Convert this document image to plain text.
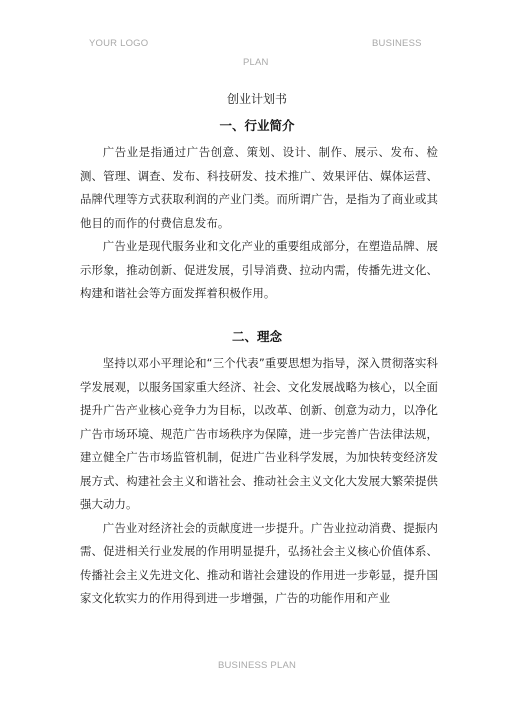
YOUR LOGO	BUSINESS
PLAN
创业计划书
一、行业简介

广告业是指通过广告创意、策划、设计、制作、展示、发布、检测、管理、调查、发布、科技研发、技术推广、效果评估、媒体运营、品牌代理等方式获取利润的产业门类。而所谓广告，是指为了商业或其他目的而作的付费信息发布。

广告业是现代服务业和文化产业的重要组成部分，在塑造品牌、展示形象，推动创新、促进发展，引导消费、拉动内需，传播先进文化、构建和谐社会等方面发挥着积极作用。

二、理念

坚持以邓小平理论和“三个代表”重要思想为指导，深入贯彻落实科学发展观，以服务国家重大经济、社会、文化发展战略为核心，以全面提升广告产业核心竞争力为目标，以改革、创新、创意为动力，以净化广告市场环境、规范广告市场秩序为保障，进一步完善广告法律法规，建立健全广告市场监管机制，促进广告业科学发展，为加快转变经济发展方式、构建社会主义和谐社会、推动社会主义文化大发展大繁荣提供强大动力。

广告业对经济社会的贡献度进一步提升。广告业拉动消费、提振内需、促进相关行业发展的作用明显提升，弘扬社会主义核心价值体系、传播社会主义先进文化、推动和谐社会建设的作用进一步彰显，提升国家文化软实力的作用得到进一步增强，广告的功能作用和产业

BUSINESS PLAN
